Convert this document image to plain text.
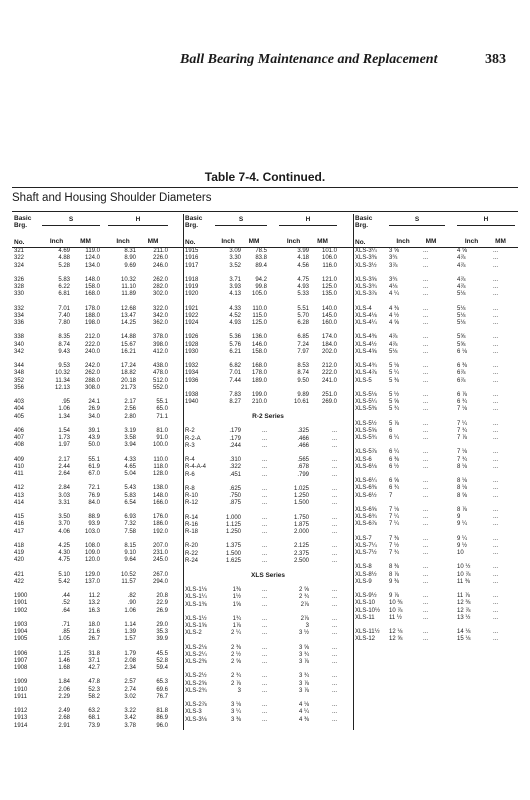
Ball Bearing Maintenance and Replacement	383
Table 7-4. Continued.
Shaft and Housing Shoulder Diameters
Basic
Brg.
No.
S	H
Inch	MM	Inch	MM
321	4.69	119.0	8.31	211.0
322	4.88	124.0	8.90	226.0
324	5.28	134.0	9.69	246.0
326	5.83	148.0	10.32	262.0
328	6.22	158.0	11.10	282.0
330	6.81	168.0	11.89	302.0
332	7.01	178.0	12.68	322.0
334	7.40	188.0	13.47	342.0
336	7.80	198.0	14.25	362.0
338	8.35	212.0	14.88	378.0
340	8.74	222.0	15.67	398.0
342	9.43	240.0	16.21	412.0
344	9.53	242.0	17.24	438.0
348	10.32	262.0	18.82	478.0
352	11.34	288.0	20.18	512.0
356	12.13	308.0	21.73	552.0
403	.95	24.1	2.17	55.1
404	1.06	26.9	2.56	65.0
405	1.34	34.0	2.80	71.1
406	1.54	39.1	3.19	81.0
407	1.73	43.9	3.58	91.0
408	1.97	50.0	3.94	100.0
409	2.17	55.1	4.33	110.0
410	2.44	61.9	4.65	118.0
411	2.64	67.0	5.04	128.0
412	2.84	72.1	5.43	138.0
413	3.03	76.9	5.83	148.0
414	3.31	84.0	6.54	166.0
415	3.50	88.9	6.93	176.0
416	3.70	93.9	7.32	186.0
417	4.06	103.0	7.58	192.0
418	4.25	108.0	8.15	207.0
419	4.30	109.0	9.10	231.0
420	4.75	120.0	9.64	245.0
421	5.10	129.0	10.52	267.0
422	5.42	137.0	11.57	294.0
1900	.44	11.2	.82	20.8
1901	.52	13.2	.90	22.9
1902	.64	16.3	1.06	26.9
1903	.71	18.0	1.14	29.0
1904	.85	21.6	1.39	35.3
1905	1.05	26.7	1.57	39.9
1906	1.25	31.8	1.79	45.5
1907	1.46	37.1	2.08	52.8
1908	1.68	42.7	2.34	59.4
1909	1.84	47.8	2.57	65.3
1910	2.06	52.3	2.74	69.6
1911	2.29	58.2	3.02	76.7
1912	2.49	63.2	3.22	81.8
1913	2.68	68.1	3.42	86.9
1914	2.91	73.9	3.78	96.0
Basic
Brg.
No.
S	H
Inch	MM	Inch	MM
1915	3.09	78.5	3.99	101.0
1916	3.30	83.8	4.18	106.0
1917	3.52	89.4	4.56	116.0
1918	3.71	94.2	4.75	121.0
1919	3.93	99.8	4.93	125.0
1920	4.13	105.0	5.33	135.0
1921	4.33	110.0	5.51	140.0
1922	4.52	115.0	5.70	145.0
1924	4.93	125.0	6.28	160.0
1926	5.36	136.0	6.85	174.0
1928	5.76	146.0	7.24	184.0
1930	6.21	158.0	7.97	202.0
1932	6.82	168.0	8.53	212.0
1934	7.01	178.0	8.74	222.0
1936	7.44	189.0	9.50	241.0
1938	7.83	199.0	9.89	251.0
1940	8.27	210.0	10.61	269.0
R-2 Series
R-2	.179	...	.325	...
R-2-A	.179	...	.466	...
R-3	.244	...	.466	...
R-4	.310	...	.565	...
R-4-A-4	.322	...	.678	...
R-6	.451	...	.799	...
R-8	.625	...	1.025	...
R-10	.750	...	1.250	...
R-12	.875	...	1.500	...
R-14	1.000	...	1.750	...
R-16	1.125	...	1.875	...
R-18	1.250	...	2.000	...
R-20	1.375	...	2.125	...
R-22	1.500	...	2.375	...
R-24	1.625	...	2.500	...
XLS Series
XLS-1⅛	1⅜	...	2 ⅝	...
XLS-1¼	1½	...	2 ¾	...
XLS-1⅜	1⅝	...	2⅞	...
XLS-1½	1¾	...	2⅞	...
XLS-1⅝	1⅞	...	3	...
XLS-2	2 ¼	...	3 ½	...
XLS-2⅛	2 ⅜	...	3 ⅝	...
XLS-2¼	2 ½	...	3 ¾	...
XLS-2⅜	2 ⅝	...	3 ⅞	...
XLS-2½	2 ¾	...	3 ¾	...
XLS-2⅝	2 ⅞	...	3 ⅞	...
XLS-2¾	3	...	3 ⅞	...
XLS-2⅞	3 ⅛	...	4 ⅛	...
XLS-3	3 ¼	...	4 ¼	...
XLS-3⅛	3 ⅜	...	4 ⅜	...
Basic
Brg.
No.
S	H
Inch	MM	Inch	MM
XLS-3¼	3 ⅝	...	4 ⅝	...
XLS-3⅜	3¾	...	4⅞	...
XLS-3½	3⅞	...	4⅞	...
XLS-3⅝	3¾	...	4⅞	...
XLS-3¾	4⅛	...	4⅞	...
XLS-3⅞	4 ¼	...	5⅛	...
XLS-4	4 ⅜	...	5⅛	...
XLS-4⅛	4 ½	...	5⅛	...
XLS-4¼	4 ⅝	...	5⅛	...
XLS-4⅜	4⅞	...	5⅝	...
XLS-4½	4⅞	...	5⅝	...
XLS-4⅝	5⅛	...	6 ⅛	...
XLS-4¾	5 ⅛	...	6 ⅜	...
XLS-4⅞	5 ¼	...	6⅞	...
XLS-5	5 ⅜	...	6⅞	...
XLS-5⅛	5 ½	...	6 ⅞	...
XLS-5¼	5 ⅝	...	6 ¾	...
XLS-5⅜	5 ¾	...	7 ⅛	...
XLS-5½	5 ⅞	...	7 ¼	...
XLS-5⅝	6	...	7 ¾	...
XLS-5¾	6 ¼	...	7 ⅞	...
XLS-5⅞	6 ¼	...	7 ⅛	...
XLS-6	6 ⅜	...	7 ¾	...
XLS-6⅛	6 ½	...	8 ⅛	...
XLS-6¼	6 ⅝	...	8 ⅛	...
XLS-6⅜	6 ¾	...	8 ⅛	...
XLS-6½	7	...	8 ⅝	...
XLS-6⅝	7 ⅛	...	8 ⅞	...
XLS-6¾	7 ¼	...	9	...
XLS-6⅞	7 ¼	...	9 ¼	...
XLS-7	7 ⅜	...	9 ¼	...
XLS-7¼	7 ½	...	9 ½	...
XLS-7½	7 ¾	...	10	...
XLS-8	8 ⅜	...	10 ½	...
XLS-8½	8 ⅞	...	10 ⅞	...
XLS-9	9 ⅜	...	11 ⅜	...
XLS-9½	9 ⅞	...	11 ⅞	...
XLS-10	10 ⅜	...	12 ⅜	...
XLS-10½	10 ⅞	...	12 ⅞	...
XLS-11	11 ½	...	13 ½	...
XLS-11½	12 ⅛	...	14 ⅛	...
XLS-12	12 ⅝	...	15 ⅛	...
